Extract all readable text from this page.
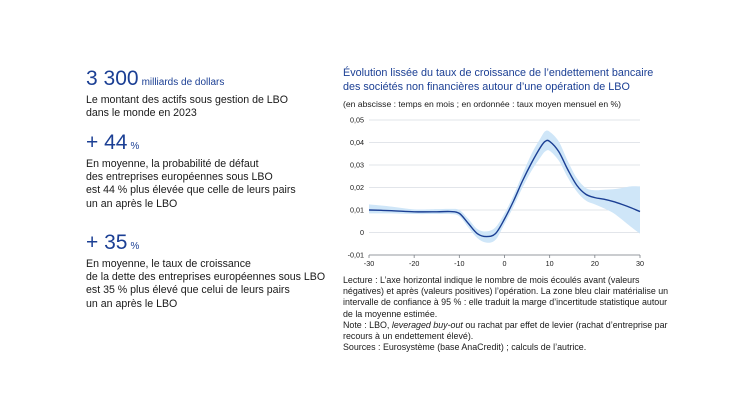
3 300 milliards de dollars
Le montant des actifs sous gestion de LBO
dans le monde en 2023
+ 44 %
En moyenne, la probabilité de défaut
des entreprises européennes sous LBO
est 44 % plus élevée que celle de leurs pairs
un an après le LBO
+ 35 %
En moyenne, le taux de croissance
de la dette des entreprises européennes sous LBO
est 35 % plus élevé que celui de leurs pairs
un an après le LBO
Évolution lissée du taux de croissance de l’endettement bancaire
des sociétés non financières autour d’une opération de LBO
(en abscisse : temps en mois ; en ordonnée : taux moyen mensuel en %)
0,05
0,04
0,03
0,02
0,01
0
-0,01
-30	-20	-10	0	10	20	30

Lecture : L’axe horizontal indique le nombre de mois écoulés avant (valeurs négatives) et après (valeurs positives) l’opération. La zone bleu clair matérialise un intervalle de confiance à 95 % : elle traduit la marge d’incertitude statistique autour de la moyenne estimée.

Note : LBO, leveraged buy-out ou rachat par effet de levier (rachat d’entreprise par recours à un endettement élevé).

Sources : Eurosystème (base AnaCredit) ; calculs de l’autrice.
